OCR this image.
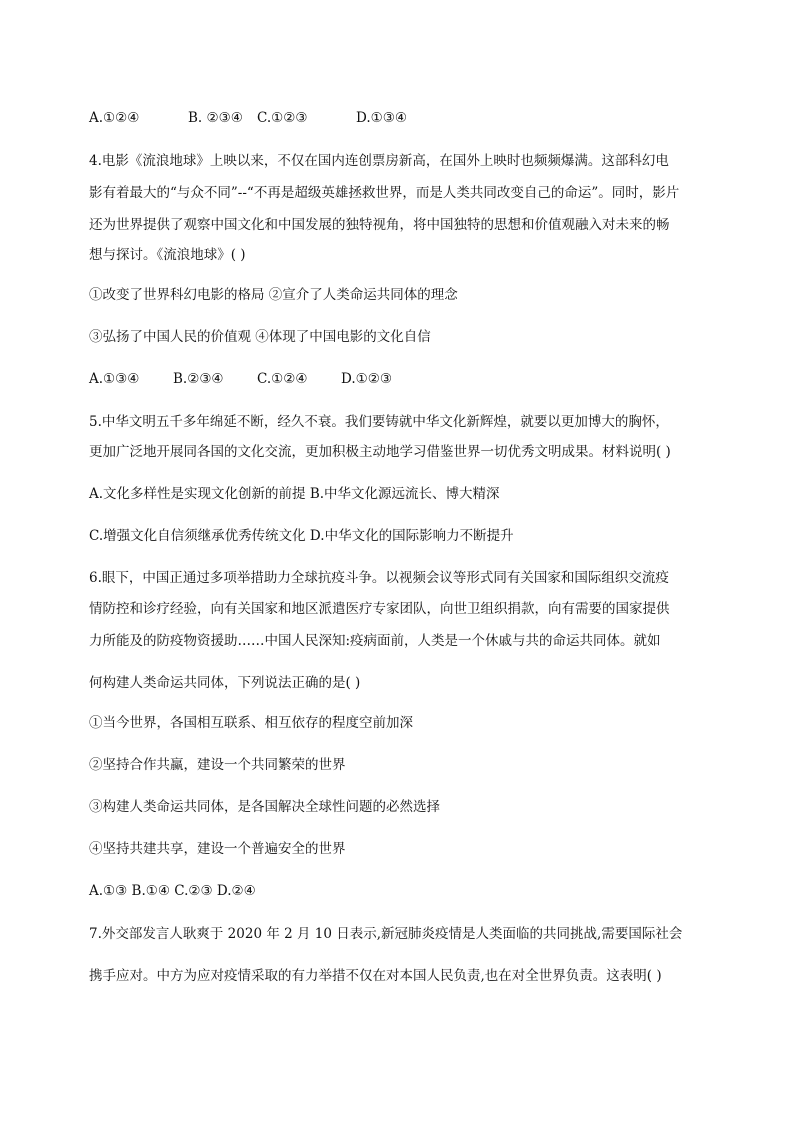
A.①②④	B. ②③④ C.①②③	D.①③④
4.电影《流浪地球》上映以来，不仅在国内连创票房新高，在国外上映时也频频爆满。这部科幻电
影有着最大的“与众不同”--“不再是超级英雄拯救世界，而是人类共同改变自己的命运”。同时，影片
还为世界提供了观察中国文化和中国发展的独特视角，将中国独特的思想和价值观融入对未来的畅
想与探讨。《流浪地球》( )
①改变了世界科幻电影的格局 ②宣介了人类命运共同体的理念
③弘扬了中国人民的价值观 ④体现了中国电影的文化自信
A.①③④ B.②③④ C.①②④ D.①②③
5.中华文明五千多年绵延不断，经久不衰。我们要铸就中华文化新辉煌，就要以更加博大的胸怀，
更加广泛地开展同各国的文化交流，更加积极主动地学习借鉴世界一切优秀文明成果。材料说明( )
A.文化多样性是实现文化创新的前提 B.中华文化源远流长、博大精深
C.增强文化自信须继承优秀传统文化 D.中华文化的国际影响力不断提升
6.眼下，中国正通过多项举措助力全球抗疫斗争。以视频会议等形式同有关国家和国际组织交流疫
情防控和诊疗经验，向有关国家和地区派遣医疗专家团队，向世卫组织捐款，向有需要的国家提供
力所能及的防疫物资援助……中国人民深知:疫病面前，人类是一个休戚与共的命运共同体。就如
何构建人类命运共同体，下列说法正确的是( )
①当今世界，各国相互联系、相互依存的程度空前加深
②坚持合作共赢，建设一个共同繁荣的世界
③构建人类命运共同体，是各国解决全球性问题的必然选择
④坚持共建共享，建设一个普遍安全的世界
A.①③ B.①④ C.②③ D.②④
7.外交部发言人耿爽于 2020 年 2 月 10 日表示,新冠肺炎疫情是人类面临的共同挑战,需要国际社会
携手应对。中方为应对疫情采取的有力举措不仅在对本国人民负责,也在对全世界负责。这表明( )
